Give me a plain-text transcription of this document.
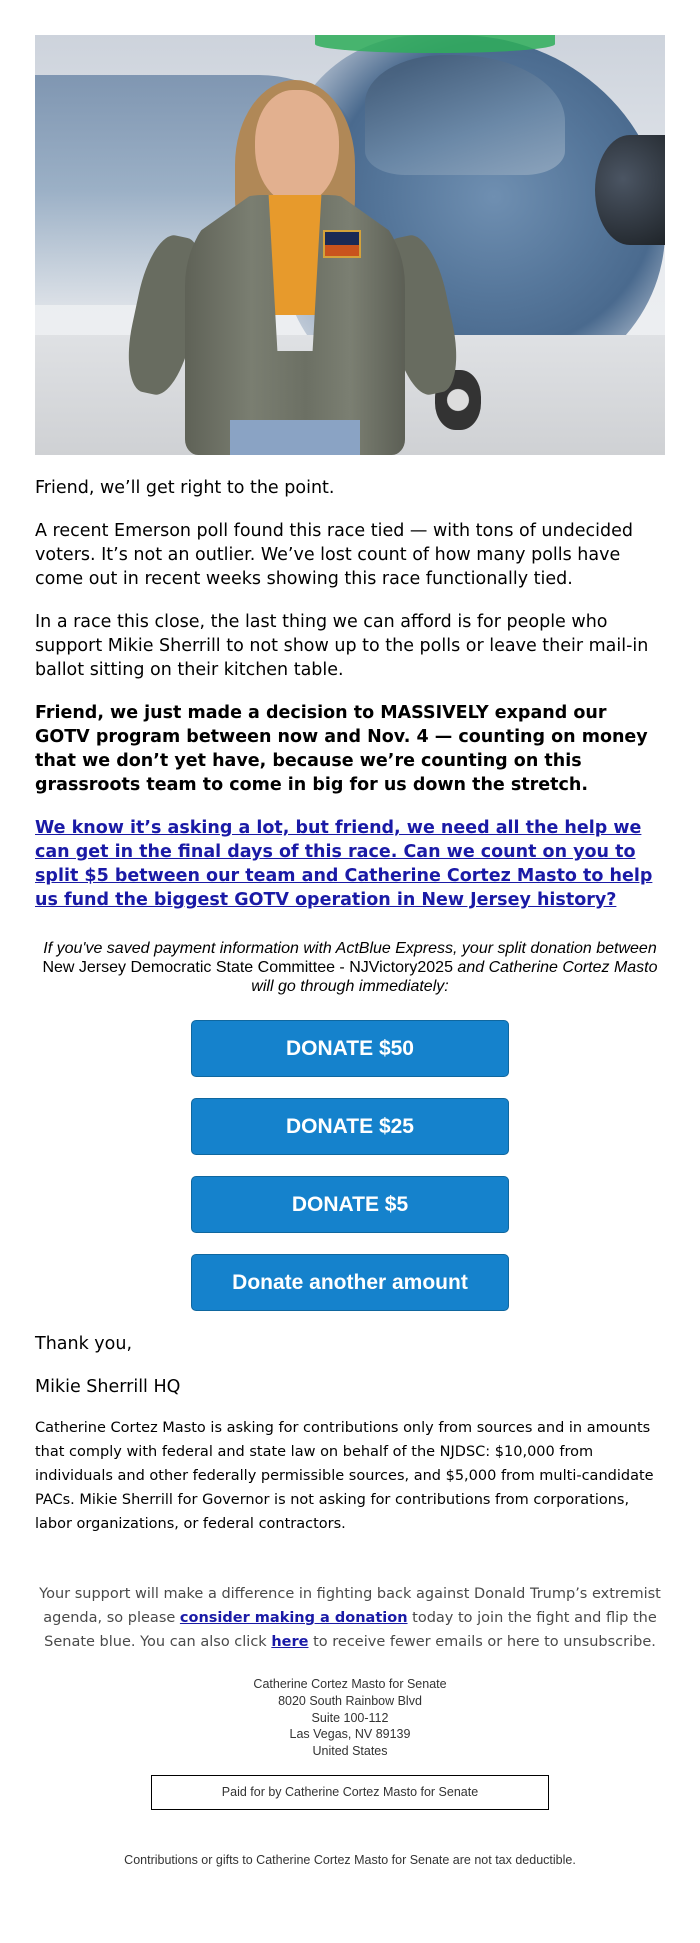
Friend, we’ll get right to the point.

A recent Emerson poll found this race tied — with tons of undecided voters. It’s not an outlier. We’ve lost count of how many polls have come out in recent weeks showing this race functionally tied.

In a race this close, the last thing we can afford is for people who support Mikie Sherrill to not show up to the polls or leave their mail-in ballot sitting on their kitchen table.

Friend, we just made a decision to MASSIVELY expand our GOTV program between now and Nov. 4 — counting on money that we don’t yet have, because we’re counting on this grassroots team to come in big for us down the stretch.

We know it’s asking a lot, but friend, we need all the help we can get in the final days of this race. Can we count on you to split $5 between our team and Catherine Cortez Masto to help us fund the biggest GOTV operation in New Jersey history?

If you've saved payment information with ActBlue Express, your split donation between New Jersey Democratic State Committee - NJVictory2025 and Catherine Cortez Masto will go through immediately:

DONATE $50
DONATE $25
DONATE $5
Donate another amount

Thank you,

Mikie Sherrill HQ

Catherine Cortez Masto is asking for contributions only from sources and in amounts that comply with federal and state law on behalf of the NJDSC: $10,000 from individuals and other federally permissible sources, and $5,000 from multi-candidate PACs. Mikie Sherrill for Governor is not asking for contributions from corporations, labor organizations, or federal contractors.

Your support will make a difference in fighting back against Donald Trump’s extremist agenda, so please consider making a donation today to join the fight and flip the Senate blue. You can also click here to receive fewer emails or here to unsubscribe.

Catherine Cortez Masto for Senate
8020 South Rainbow Blvd
Suite 100-112
Las Vegas, NV 89139
United States
Paid for by Catherine Cortez Masto for Senate

Contributions or gifts to Catherine Cortez Masto for Senate are not tax deductible.
